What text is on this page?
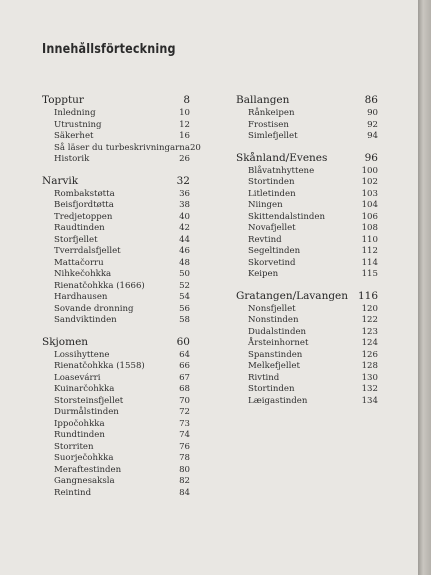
Innehållsförteckning
Topptur	8
Inledning	10
Utrustning	12
Säkerhet	16
Så läser du turbeskrivningarna 20
Historik	26
Narvik	32
Rombakstøtta	36
Beisfjordtøtta	38
Tredjetoppen	40
Raudtinden	42
Storfjellet	44
Tverrdalsfjellet	46
Mattačorru	48
Nihkečohkka	50
Rienatčohkka (1666)	52
Hardhausen	54
Sovande dronning	56
Sandviktinden	58
Skjomen	60
Lossihyttene	64
Rienatčohkka (1558)	66
Loasevárri	67
Kuinarčohkka	68
Storsteinsfjellet	70
Durmålstinden	72
Ippočohkka	73
Rundtinden	74
Storriten	76
Suorječohkka	78
Meraftestinden	80
Gangnesaksla	82
Reintind	84
Ballangen	86
Rånkeipen	90
Frostisen	92
Simlefjellet	94
Skånland/Evenes	96
Blåvatnhyttene	100
Stortinden	102
Litletinden	103
Niingen	104
Skittendalstinden	106
Novafjellet	108
Revtind	110
Segeltinden	112
Skorvetind	114
Keipen	115
Gratangen/Lavangen 116
Nonsfjellet	120
Nonstinden	122
Dudalstinden	123
Årsteinhornet	124
Spanstinden	126
Melkefjellet	128
Rivtind	130
Stortinden	132
Læigastinden	134
